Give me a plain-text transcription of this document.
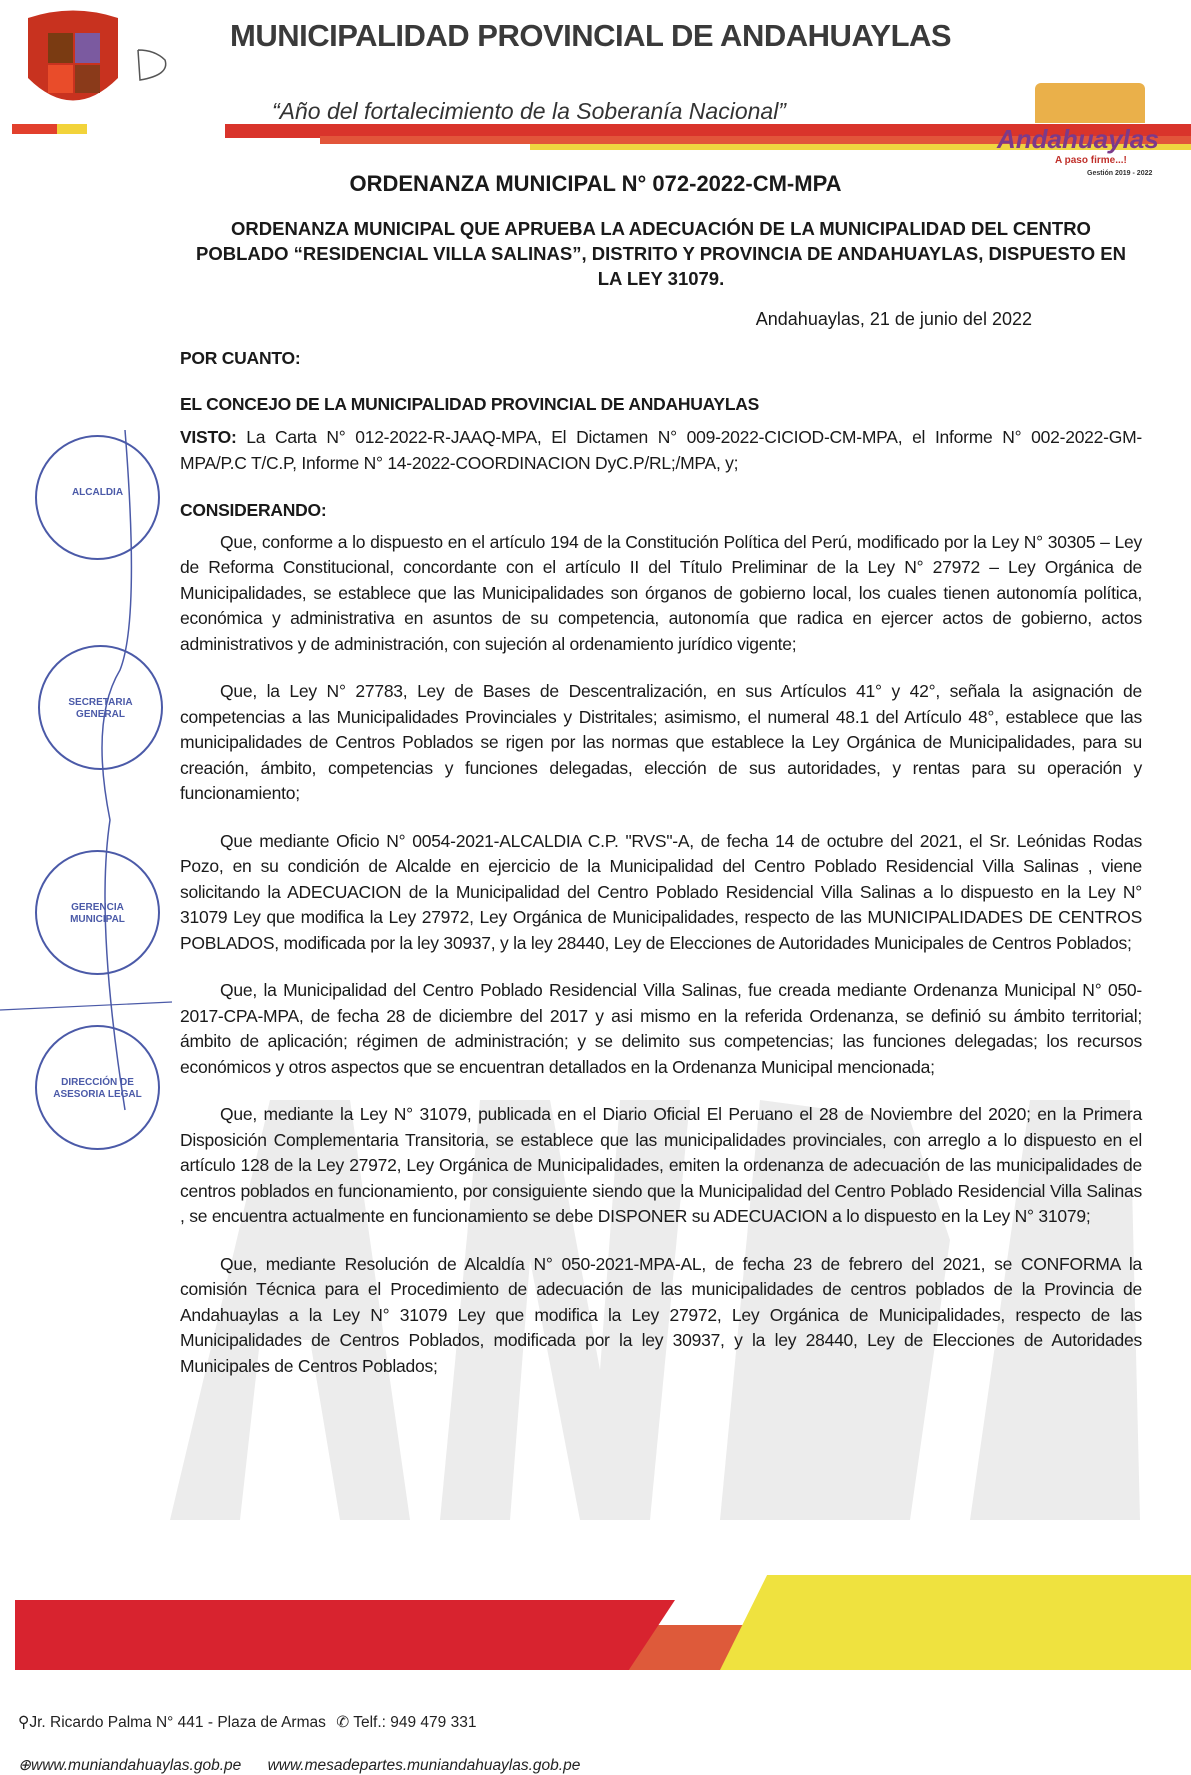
MUNICIPALIDAD PROVINCIAL DE ANDAHUAYLAS
“Año del fortalecimiento de la Soberanía Nacional”
Andahuaylas
A paso firme...!
Gestión 2019 - 2022
ORDENANZA MUNICIPAL N° 072-2022-CM-MPA
ORDENANZA MUNICIPAL QUE APRUEBA LA ADECUACIÓN DE LA MUNICIPALIDAD DEL CENTRO POBLADO “RESIDENCIAL VILLA SALINAS”, DISTRITO Y PROVINCIA DE ANDAHUAYLAS, DISPUESTO EN LA LEY 31079.
Andahuaylas, 21 de junio del 2022
POR CUANTO:
EL CONCEJO DE LA MUNICIPALIDAD PROVINCIAL DE ANDAHUAYLAS
VISTO: La Carta N° 012-2022-R-JAAQ-MPA, El Dictamen N° 009-2022-CICIOD-CM-MPA, el Informe N° 002-2022-GM-MPA/P.C T/C.P, Informe N° 14-2022-COORDINACION DyC.P/RL;/MPA, y;
CONSIDERANDO:
Que, conforme a lo dispuesto en el artículo 194 de la Constitución Política del Perú, modificado por la Ley N° 30305 – Ley de Reforma Constitucional, concordante con el artículo II del Título Preliminar de la Ley N° 27972 – Ley Orgánica de Municipalidades, se establece que las Municipalidades son órganos de gobierno local, los cuales tienen autonomía política, económica y administrativa en asuntos de su competencia, autonomía que radica en ejercer actos de gobierno, actos administrativos y de administración, con sujeción al ordenamiento jurídico vigente;
Que, la Ley N° 27783, Ley de Bases de Descentralización, en sus Artículos 41° y 42°, señala la asignación de competencias a las Municipalidades Provinciales y Distritales; asimismo, el numeral 48.1 del Artículo 48°, establece que las municipalidades de Centros Poblados se rigen por las normas que establece la Ley Orgánica de Municipalidades, para su creación, ámbito, competencias y funciones delegadas, elección de sus autoridades, y rentas para su operación y funcionamiento;
Que mediante Oficio N° 0054-2021-ALCALDIA C.P. "RVS"-A, de fecha 14 de octubre del 2021, el Sr. Leónidas Rodas Pozo, en su condición de Alcalde en ejercicio de la Municipalidad del Centro Poblado Residencial Villa Salinas , viene solicitando la ADECUACION de la Municipalidad del Centro Poblado Residencial Villa Salinas a lo dispuesto en la Ley N° 31079 Ley que modifica la Ley 27972, Ley Orgánica de Municipalidades, respecto de las MUNICIPALIDADES DE CENTROS POBLADOS, modificada por la ley 30937, y la ley 28440, Ley de Elecciones de Autoridades Municipales de Centros Poblados;
Que, la Municipalidad del Centro Poblado Residencial Villa Salinas, fue creada mediante Ordenanza Municipal N° 050-2017-CPA-MPA, de fecha 28 de diciembre del 2017 y asi mismo en la referida Ordenanza, se definió su ámbito territorial; ámbito de aplicación; régimen de administración; y se delimito sus competencias; las funciones delegadas; los recursos económicos y otros aspectos que se encuentran detallados en la Ordenanza Municipal mencionada;
Que, mediante la Ley N° 31079, publicada en el Diario Oficial El Peruano el 28 de Noviembre del 2020; en la Primera Disposición Complementaria Transitoria, se establece que las municipalidades provinciales, con arreglo a lo dispuesto en el artículo 128 de la Ley 27972, Ley Orgánica de Municipalidades, emiten la ordenanza de adecuación de las municipalidades de centros poblados en funcionamiento, por consiguiente siendo que la Municipalidad del Centro Poblado Residencial Villa Salinas , se encuentra actualmente en funcionamiento se debe DISPONER su ADECUACION a lo dispuesto en la Ley N° 31079;
Que, mediante Resolución de Alcaldía N° 050-2021-MPA-AL, de fecha 23 de febrero del 2021, se CONFORMA la comisión Técnica para el Procedimiento de adecuación de las municipalidades de centros poblados de la Provincia de Andahuaylas a la Ley N° 31079 Ley que modifica la Ley 27972, Ley Orgánica de Municipalidades, respecto de las Municipalidades de Centros Poblados, modificada por la ley 30937, y la ley 28440, Ley de Elecciones de Autoridades Municipales de Centros Poblados;
ALCALDIA
SECRETARIA GENERAL
GERENCIA MUNICIPAL
DIRECCIÓN DE ASESORIA LEGAL
⚲Jr. Ricardo Palma N° 441 - Plaza de Armas ✆ Telf.: 949 479 331
⊕www.muniandahuaylas.gob.pe www.mesadepartes.muniandahuaylas.gob.pe
